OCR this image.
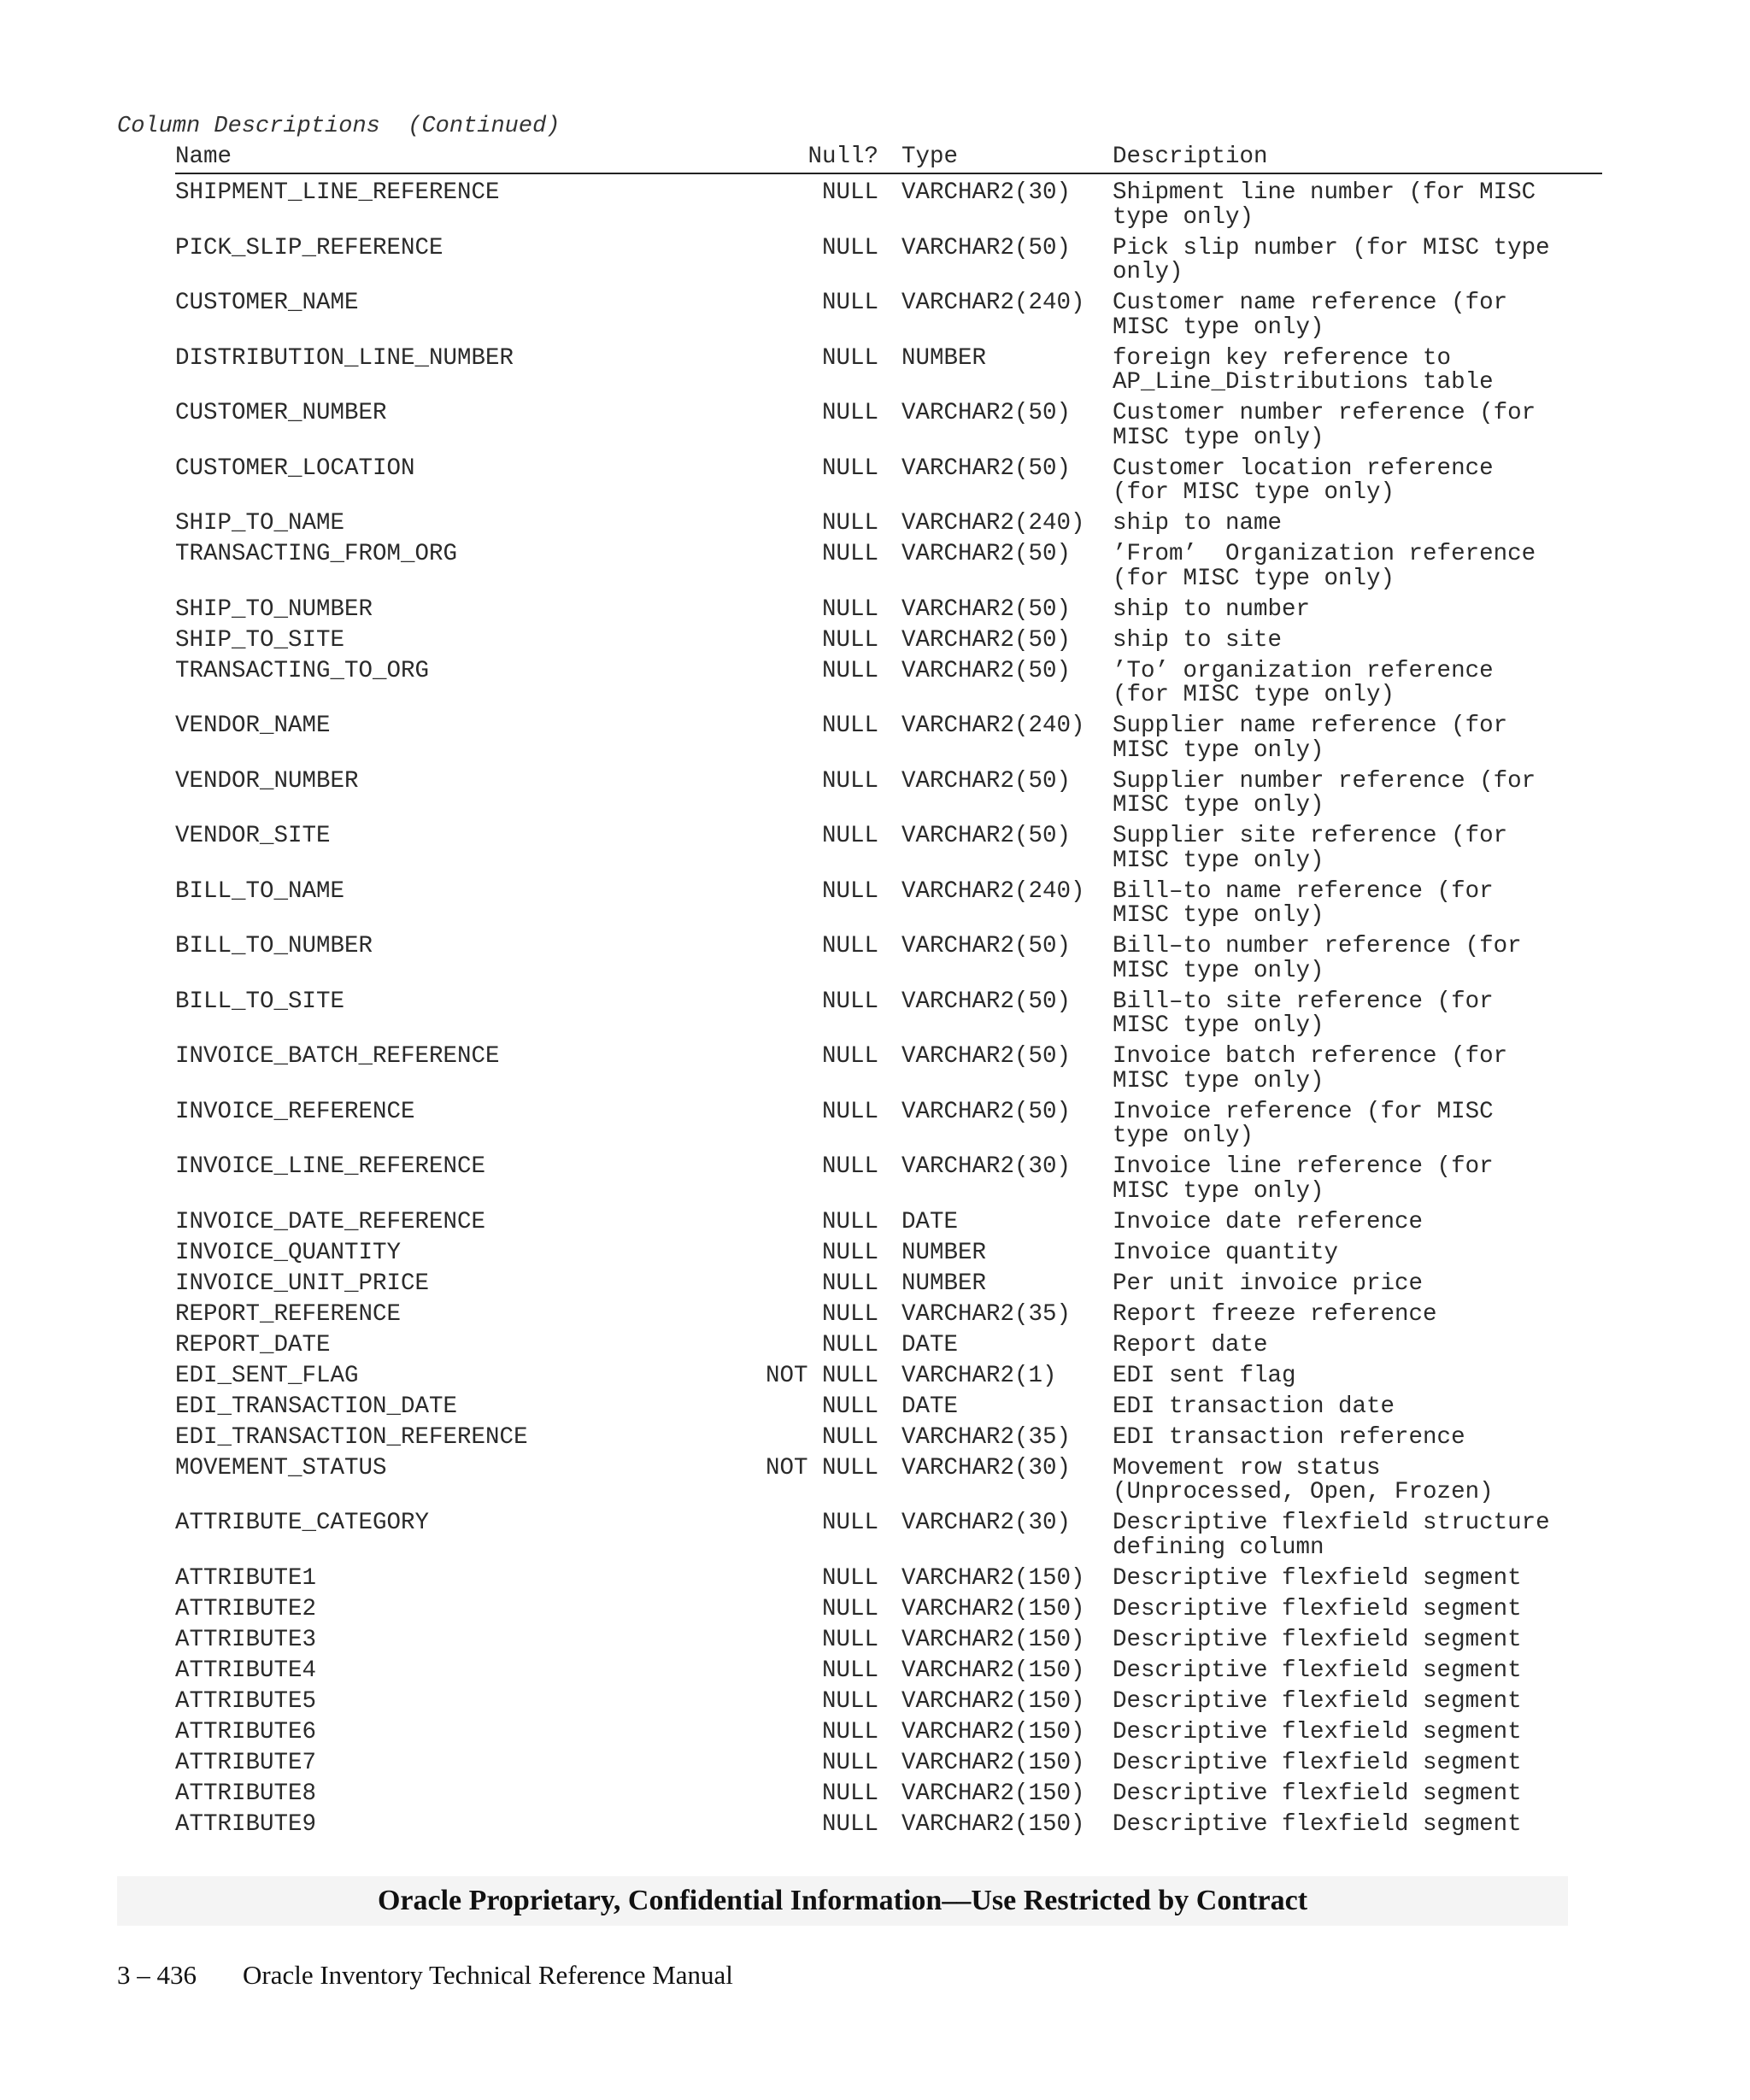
Column Descriptions  (Continued)
Name	Null? Type	Description
SHIPMENT_LINE_REFERENCE	NULL VARCHAR2(30) Shipment line number (for MISC
type only)
PICK_SLIP_REFERENCE	NULL VARCHAR2(50) Pick slip number (for MISC type
only)
CUSTOMER_NAME	NULL VARCHAR2(240) Customer name reference (for
MISC type only)
DISTRIBUTION_LINE_NUMBER	NULL NUMBER	foreign key reference to
AP_Line_Distributions table
CUSTOMER_NUMBER	NULL VARCHAR2(50) Customer number reference (for
MISC type only)
CUSTOMER_LOCATION	NULL VARCHAR2(50) Customer location reference
(for MISC type only)
SHIP_TO_NAME	NULL VARCHAR2(240) ship to name
TRANSACTING_FROM_ORG	NULL VARCHAR2(50) ’From’  Organization reference
(for MISC type only)
SHIP_TO_NUMBER	NULL VARCHAR2(50) ship to number
SHIP_TO_SITE	NULL VARCHAR2(50) ship to site
TRANSACTING_TO_ORG	NULL VARCHAR2(50) ’To’ organization reference
(for MISC type only)
VENDOR_NAME	NULL VARCHAR2(240) Supplier name reference (for
MISC type only)
VENDOR_NUMBER	NULL VARCHAR2(50) Supplier number reference (for
MISC type only)
VENDOR_SITE	NULL VARCHAR2(50) Supplier site reference (for
MISC type only)
BILL_TO_NAME	NULL VARCHAR2(240) Bill–to name reference (for
MISC type only)
BILL_TO_NUMBER	NULL VARCHAR2(50) Bill–to number reference (for
MISC type only)
BILL_TO_SITE	NULL VARCHAR2(50) Bill–to site reference (for
MISC type only)
INVOICE_BATCH_REFERENCE	NULL VARCHAR2(50) Invoice batch reference (for
MISC type only)
INVOICE_REFERENCE	NULL VARCHAR2(50) Invoice reference (for MISC
type only)
INVOICE_LINE_REFERENCE	NULL VARCHAR2(30) Invoice line reference (for
MISC type only)
INVOICE_DATE_REFERENCE	NULL DATE	Invoice date reference
INVOICE_QUANTITY	NULL NUMBER	Invoice quantity
INVOICE_UNIT_PRICE	NULL NUMBER	Per unit invoice price
REPORT_REFERENCE	NULL VARCHAR2(35) Report freeze reference
REPORT_DATE	NULL DATE	Report date
EDI_SENT_FLAG	NOT NULL VARCHAR2(1) EDI sent flag
EDI_TRANSACTION_DATE	NULL DATE	EDI transaction date
EDI_TRANSACTION_REFERENCE	NULL VARCHAR2(35) EDI transaction reference
MOVEMENT_STATUS	NOT NULL VARCHAR2(30) Movement row status
(Unprocessed, Open, Frozen)
ATTRIBUTE_CATEGORY	NULL VARCHAR2(30) Descriptive flexfield structure
defining column
ATTRIBUTE1	NULL VARCHAR2(150) Descriptive flexfield segment
ATTRIBUTE2	NULL VARCHAR2(150) Descriptive flexfield segment
ATTRIBUTE3	NULL VARCHAR2(150) Descriptive flexfield segment
ATTRIBUTE4	NULL VARCHAR2(150) Descriptive flexfield segment
ATTRIBUTE5	NULL VARCHAR2(150) Descriptive flexfield segment
ATTRIBUTE6	NULL VARCHAR2(150) Descriptive flexfield segment
ATTRIBUTE7	NULL VARCHAR2(150) Descriptive flexfield segment
ATTRIBUTE8	NULL VARCHAR2(150) Descriptive flexfield segment
ATTRIBUTE9	NULL VARCHAR2(150) Descriptive flexfield segment
Oracle Proprietary, Confidential Information––Use Restricted by Contract
3 – 436 Oracle Inventory Technical Reference Manual
